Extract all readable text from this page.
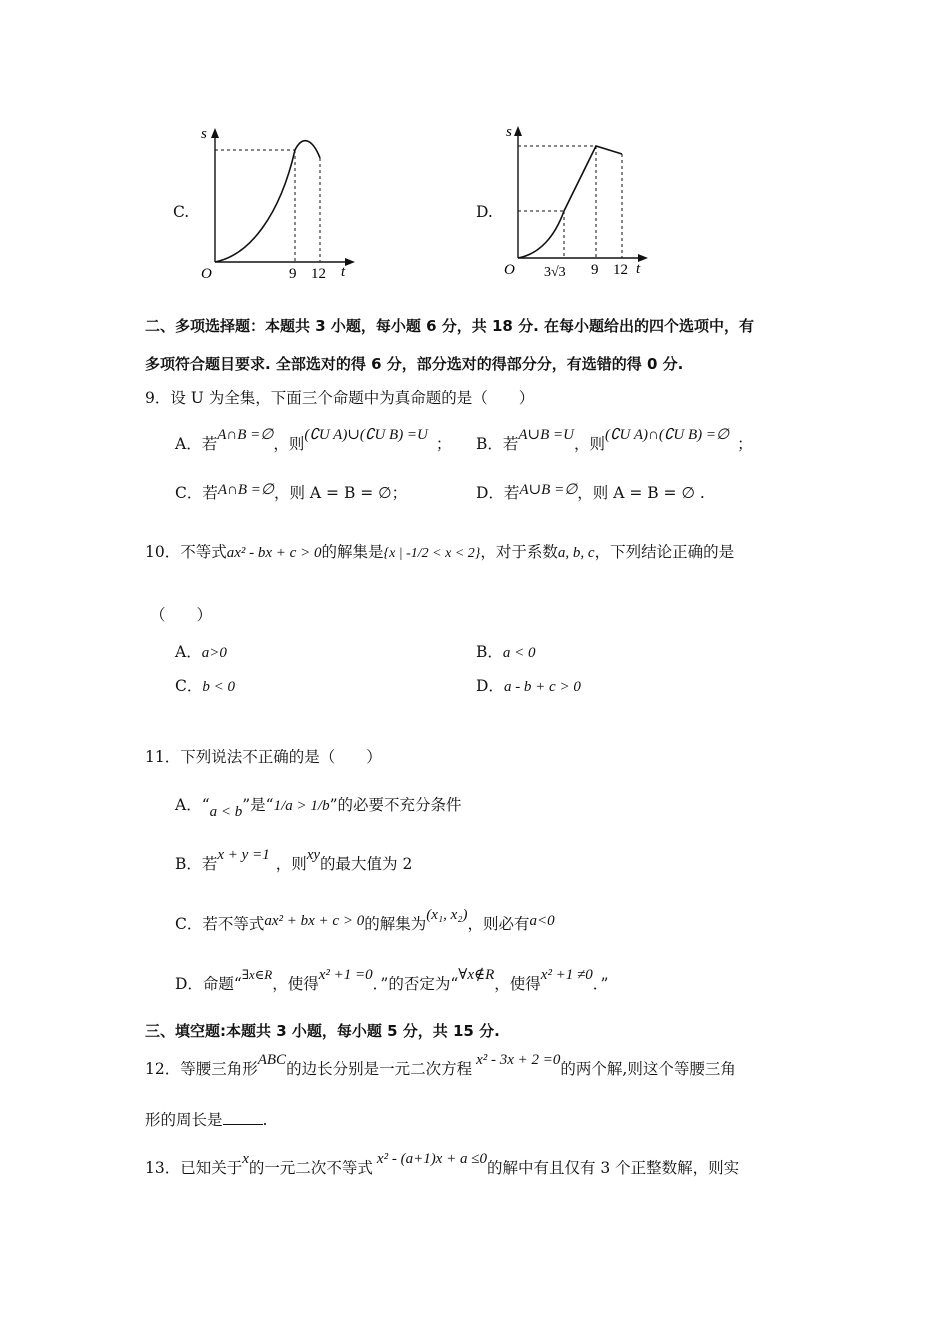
C.
s
O	9 12 t
D.
s
O 3√3 9 12 t
二、多项选择题：本题共 3 小题，每小题 6 分，共 18 分. 在每小题给出的四个选项中，有
多项符合题目要求. 全部选对的得 6 分，部分选对的得部分分，有选错的得 0 分.
9．设 U 为全集，下面三个命题中为真命题的是（　　）
A．若A∩B =∅，则(∁U A)∪(∁U B) =U ； B．若A∪B =U，则(∁U A)∩(∁U B) =∅ ；
C．若A∩B =∅，则 A = B = ∅；	D．若A∪B =∅，则 A = B = ∅ .
10．不等式ax² - bx + c > 0的解集是{x | -1/2 < x < 2}，对于系数a, b, c，下列结论正确的是
（　　）
A．a>0	B．a < 0
C．b < 0	D．a - b + c > 0
11．下列说法不正确的是（　　）
A．“a < b”是“1/a > 1/b”的必要不充分条件
B．若x + y =1 ，则xy的最大值为 2
C．若不等式ax² + bx + c > 0的解集为(x₁, x₂)，则必有a<0
D．命题“$^{\exists x\in R}$，使得x² +1 =0．”的否定为“∀x∉R，使得x² +1 ≠0．”
三、填空题:本题共 3 小题，每小题 5 分，共 15 分.
12．等腰三角形ABC的边长分别是一元二次方程 x² - 3x + 2 =0的两个解,则这个等腰三角
形的周长是	.
13．已知关于x的一元二次不等式 x² - (a+1)x + a ≤0的解中有且仅有 3 个正整数解，则实
